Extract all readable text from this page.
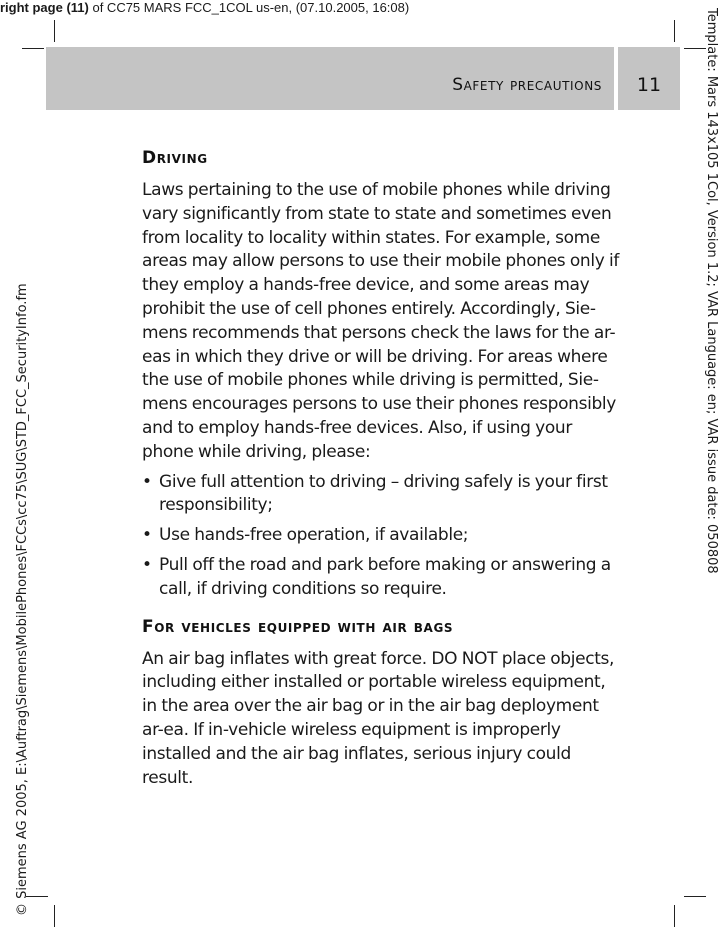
right page (11) of CC75 MARS FCC_1COL us-en, (07.10.2005, 16:08)
Safety precautions	11
© Siemens AG 2005, E:\Auftrag\Siemens\MobilePhones\FCCs\cc75\SUG\STD_FCC_SecurityInfo.fm	Template: Mars 143x105 1Col, Version 1.2; VAR Language: en; VAR issue date: 050808
Driving

Laws pertaining to the use of mobile phones while driving vary significantly from state to state and sometimes even from locality to locality within states. For example, some areas may allow persons to use their mobile phones only if they employ a hands-free device, and some areas may prohibit the use of cell phones entirely. Accordingly, Sie-mens recommends that persons check the laws for the ar-eas in which they drive or will be driving. For areas where the use of mobile phones while driving is permitted, Sie-mens encourages persons to use their phones responsibly and to employ hands-free devices. Also, if using your phone while driving, please:

• Give full attention to driving – driving safely is your first responsibility;
• Use hands-free operation, if available;
• Pull off the road and park before making or answering a call, if driving conditions so require.
For vehicles equipped with air bags

An air bag inflates with great force. DO NOT place objects, including either installed or portable wireless equipment, in the area over the air bag or in the air bag deployment ar-ea. If in-vehicle wireless equipment is improperly installed and the air bag inflates, serious injury could result.
